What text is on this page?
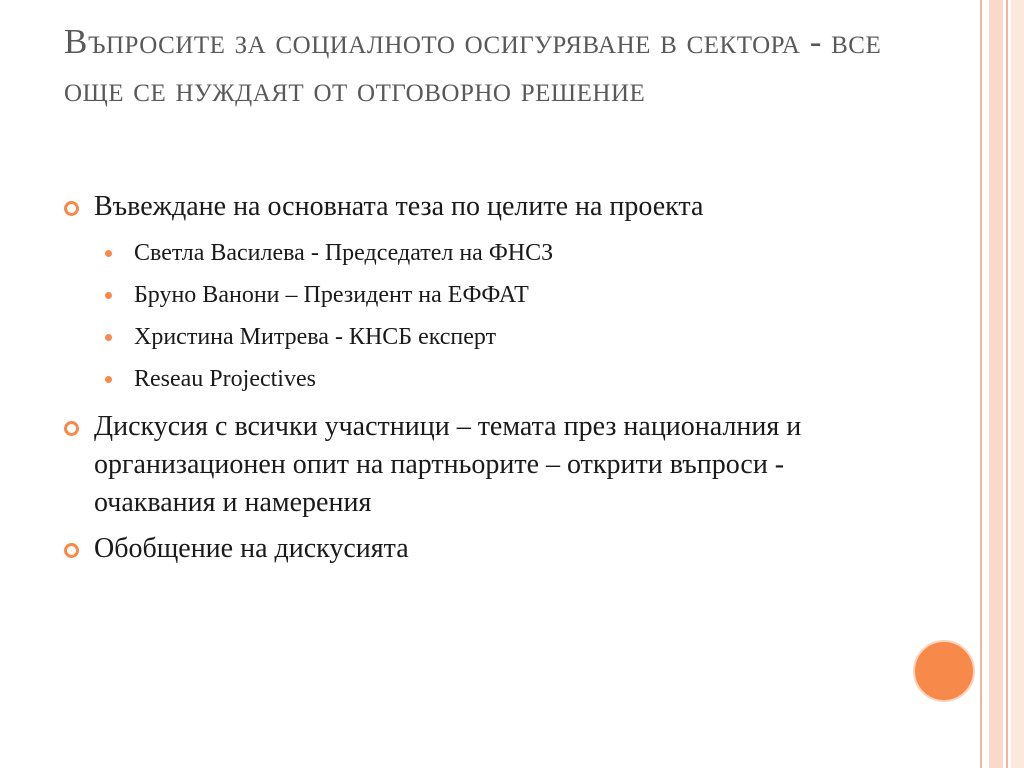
Въпросите за социалното осигуряване в сектора - все още се нуждаят от отговорно решение
Въвеждане на основната теза по целите на проекта
Светла Василева - Председател на ФНСЗ
Бруно Ванони – Президент на ЕФФАТ
Христина Митрева - КНСБ експерт
Reseau Projectives
Дискусия с всички участници – темата през националния и организационен опит на партньорите – открити въпроси - очаквания и намерения
Обобщение на дискусията
